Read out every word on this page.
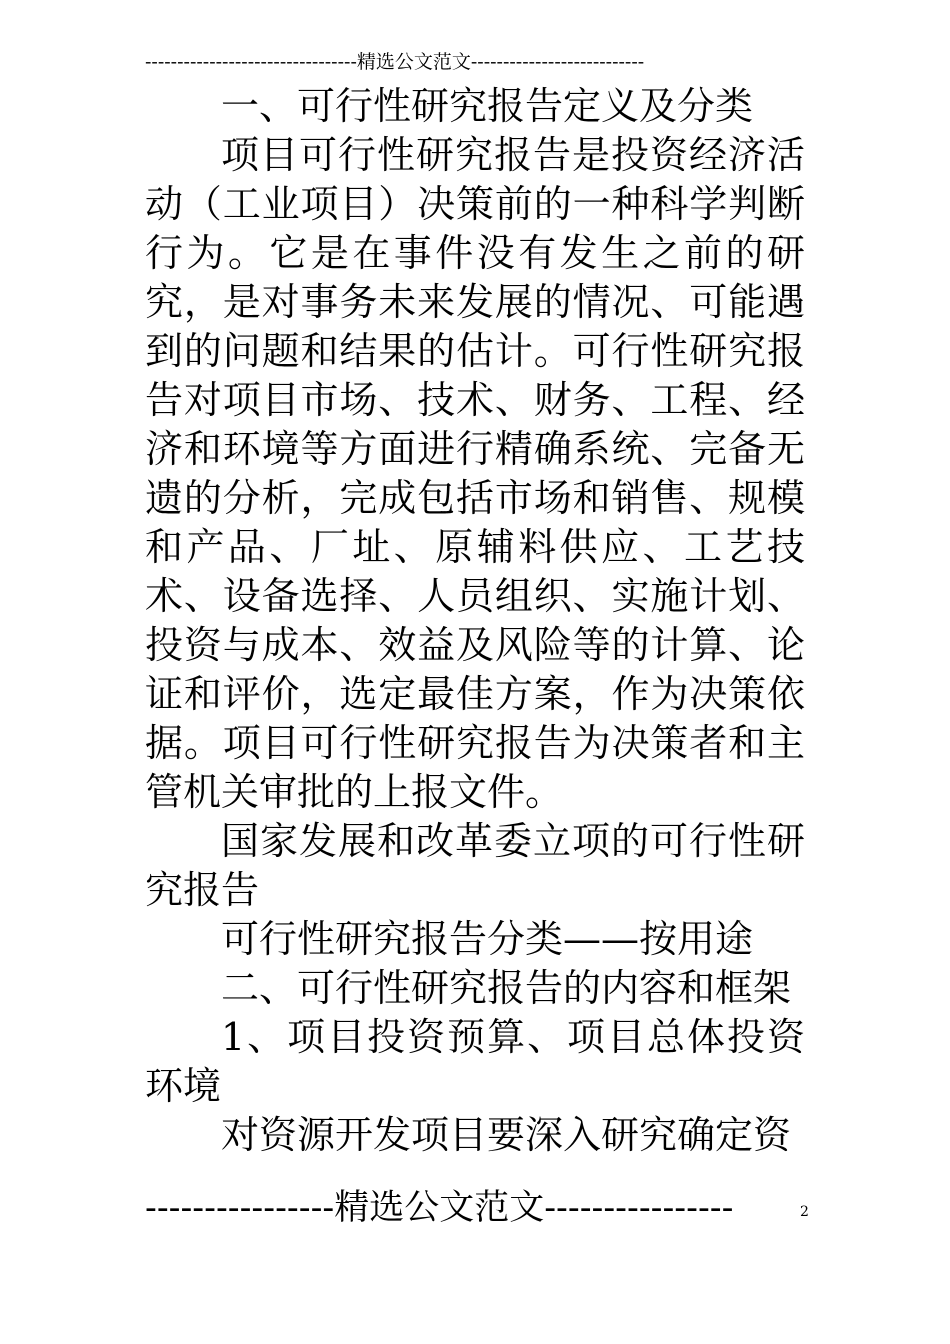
---------------------------------精选公文范文---------------------------

一、可行性研究报告定义及分类

项目可行性研究报告是投资经济活动（工业项目）决策前的一种科学判断行为。它是在事件没有发生之前的研究，是对事务未来发展的情况、可能遇到的问题和结果的估计。可行性研究报告对项目市场、技术、财务、工程、经济和环境等方面进行精确系统、完备无遗的分析，完成包括市场和销售、规模和产品、厂址、原辅料供应、工艺技术、设备选择、人员组织、实施计划、投资与成本、效益及风险等的计算、论证和评价，选定最佳方案，作为决策依据。项目可行性研究报告为决策者和主管机关审批的上报文件。

国家发展和改革委立项的可行性研究报告

可行性研究报告分类——按用途

二、可行性研究报告的内容和框架

1、项目投资预算、项目总体投资环境

对资源开发项目要深入研究确定资

----------------精选公文范文----------------	2
